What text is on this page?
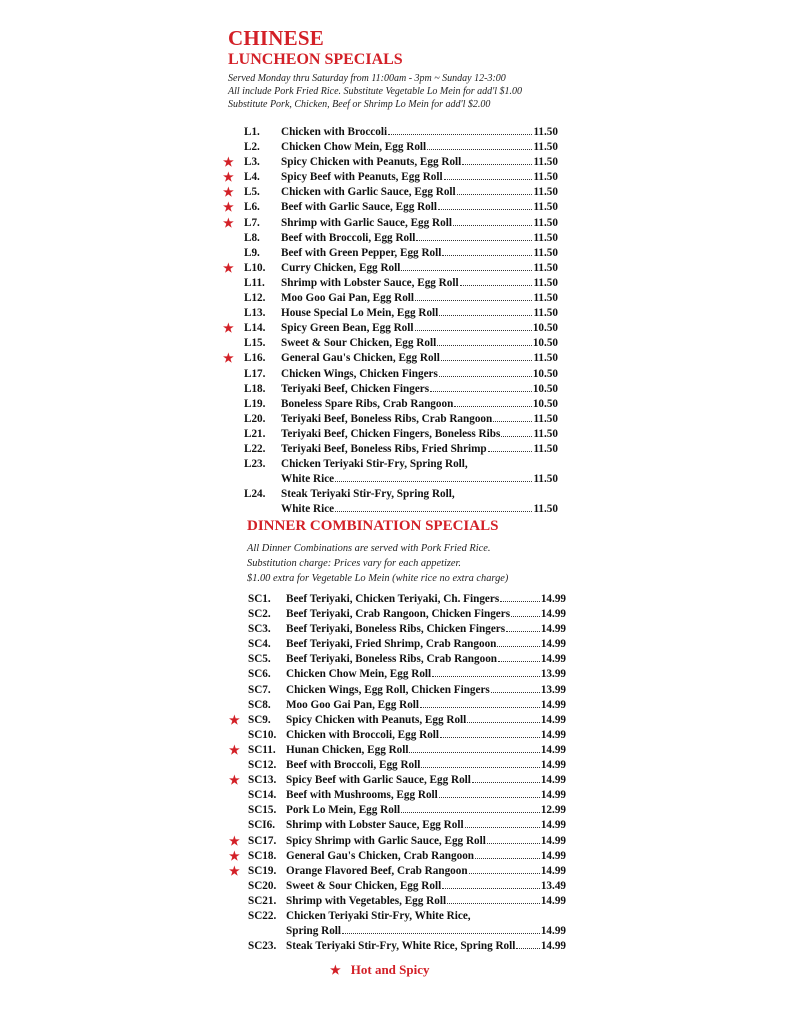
CHINESE
LUNCHEON SPECIALS
Served Monday thru Saturday from 11:00am - 3pm ~ Sunday 12-3:00
All include Pork Fried Rice. Substitute Vegetable Lo Mein for add'l $1.00
Substitute Pork, Chicken, Beef or Shrimp Lo Mein for add'l $2.00
L1.	Chicken with Broccoli	11.50
L2.	Chicken Chow Mein, Egg Roll	11.50
★ L3.	Spicy Chicken with Peanuts, Egg Roll	11.50
★ L4.	Spicy Beef with Peanuts, Egg Roll	11.50
★ L5.	Chicken with Garlic Sauce, Egg Roll	11.50
★ L6.	Beef with Garlic Sauce, Egg Roll	11.50
★ L7.	Shrimp with Garlic Sauce, Egg Roll	11.50
L8.	Beef with Broccoli, Egg Roll	11.50
L9.	Beef with Green Pepper, Egg Roll	11.50
★ L10.	Curry Chicken, Egg Roll	11.50
L11.	Shrimp with Lobster Sauce, Egg Roll	11.50
L12.	Moo Goo Gai Pan, Egg Roll	11.50
L13.	House Special Lo Mein, Egg Roll	11.50
★ L14.	Spicy Green Bean, Egg Roll	10.50
L15.	Sweet & Sour Chicken, Egg Roll	10.50
★ L16.	General Gau's Chicken, Egg Roll	11.50
L17.	Chicken Wings, Chicken Fingers	10.50
L18.	Teriyaki Beef, Chicken Fingers	10.50
L19.	Boneless Spare Ribs, Crab Rangoon	10.50
L20.	Teriyaki Beef, Boneless Ribs, Crab Rangoon	11.50
L21.	Teriyaki Beef, Chicken Fingers, Boneless Ribs	11.50
L22.	Teriyaki Beef, Boneless Ribs, Fried Shrimp	11.50
L23.	Chicken Teriyaki Stir-Fry, Spring Roll,
White Rice	11.50
L24.	Steak Teriyaki Stir-Fry, Spring Roll,
White Rice	11.50
DINNER COMBINATION SPECIALS
All Dinner Combinations are served with Pork Fried Rice.
Substitution charge: Prices vary for each appetizer.
$1.00 extra for Vegetable Lo Mein (white rice no extra charge)
SC1.	Beef Teriyaki, Chicken Teriyaki, Ch. Fingers	14.99
SC2.	Beef Teriyaki, Crab Rangoon, Chicken Fingers	14.99
SC3.	Beef Teriyaki, Boneless Ribs, Chicken Fingers	14.99
SC4.	Beef Teriyaki, Fried Shrimp, Crab Rangoon	14.99
SC5.	Beef Teriyaki, Boneless Ribs, Crab Rangoon	14.99
SC6.	Chicken Chow Mein, Egg Roll	13.99
SC7.	Chicken Wings, Egg Roll, Chicken Fingers	13.99
SC8.	Moo Goo Gai Pan, Egg Roll	14.99
★ SC9.	Spicy Chicken with Peanuts, Egg Roll	14.99
SC10. Chicken with Broccoli, Egg Roll	14.99
★ SC11. Hunan Chicken, Egg Roll	14.99
SC12. Beef with Broccoli, Egg Roll	14.99
★ SC13. Spicy Beef with Garlic Sauce, Egg Roll	14.99
SC14. Beef with Mushrooms, Egg Roll	14.99
SC15. Pork Lo Mein, Egg Roll	12.99
SCI6. Shrimp with Lobster Sauce, Egg Roll	14.99
★ SC17. Spicy Shrimp with Garlic Sauce, Egg Roll	14.99
★ SC18. General Gau's Chicken, Crab Rangoon	14.99
★ SC19. Orange Flavored Beef, Crab Rangoon	14.99
SC20. Sweet & Sour Chicken, Egg Roll	13.49
SC21. Shrimp with Vegetables, Egg Roll	14.99
SC22. Chicken Teriyaki Stir-Fry, White Rice,
Spring Roll	14.99
SC23. Steak Teriyaki Stir-Fry, White Rice, Spring Roll 14.99
★ Hot and Spicy
